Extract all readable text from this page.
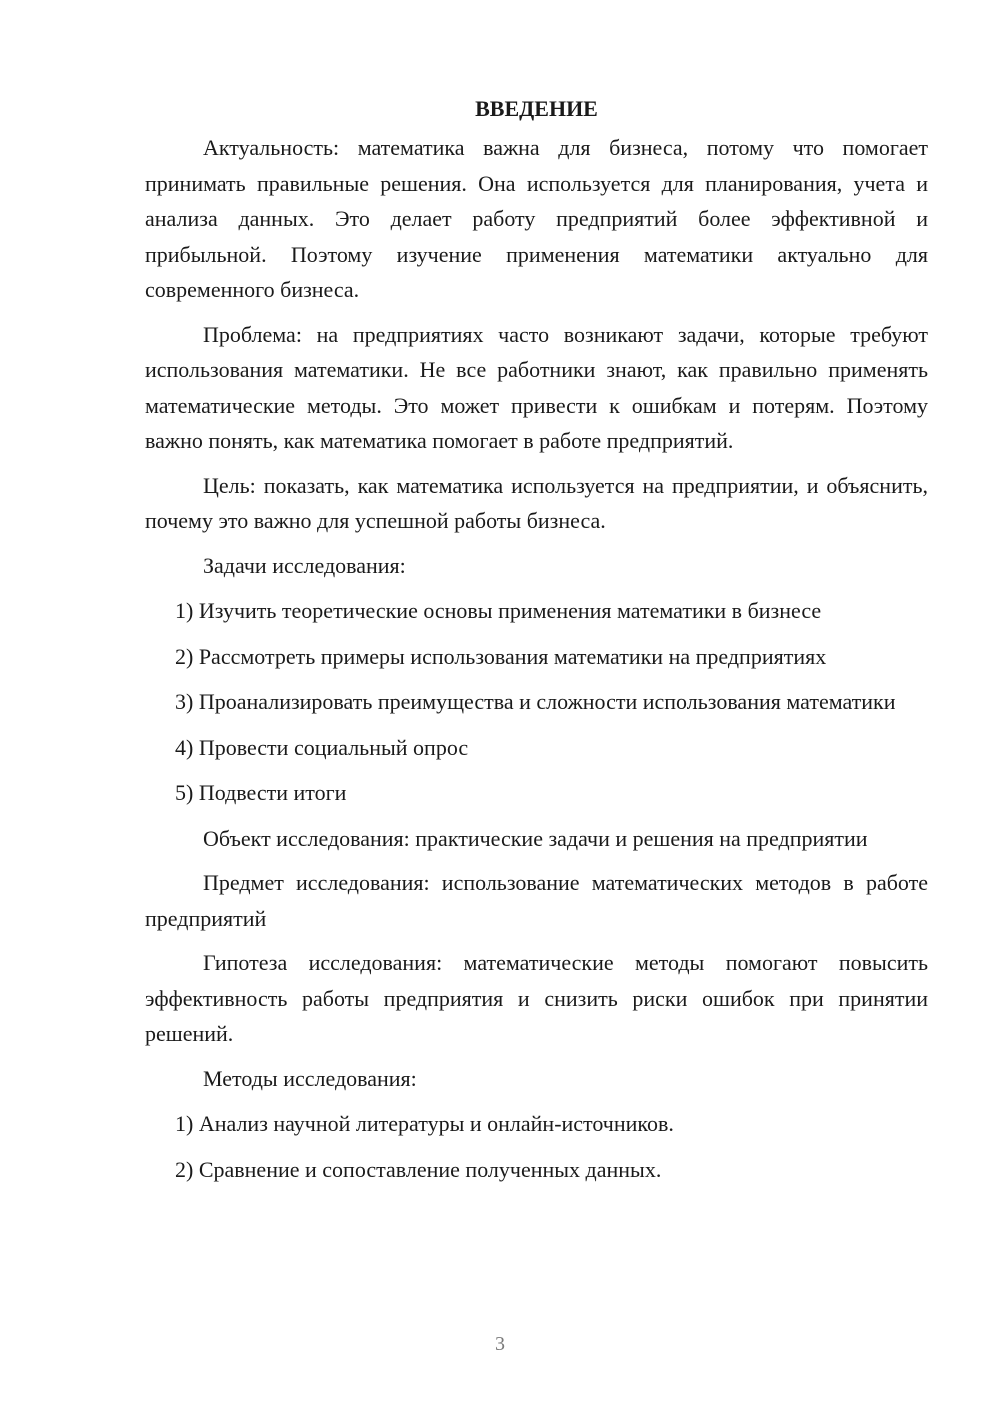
ВВЕДЕНИЕ

Актуальность: математика важна для бизнеса, потому что помогает принимать правильные решения. Она используется для планирования, учета и анализа данных. Это делает работу предприятий более эффективной и прибыльной. Поэтому изучение применения математики актуально для современного бизнеса.

Проблема: на предприятиях часто возникают задачи, которые требуют использования математики. Не все работники знают, как правильно применять математические методы. Это может привести к ошибкам и потерям. Поэтому важно понять, как математика помогает в работе предприятий.

Цель: показать, как математика используется на предприятии, и объяснить, почему это важно для успешной работы бизнеса.

Задачи исследования:

1) Изучить теоретические основы применения математики в бизнесе

2) Рассмотреть примеры использования математики на предприятиях

3) Проанализировать преимущества и сложности использования математики

4) Провести социальный опрос

5) Подвести итоги

Объект исследования: практические задачи и решения на предприятии

Предмет исследования: использование математических методов в работе предприятий

Гипотеза исследования: математические методы помогают повысить эффективность работы предприятия и снизить риски ошибок при принятии решений.

Методы исследования:

1) Анализ научной литературы и онлайн-источников.

2) Сравнение и сопоставление полученных данных.

3
